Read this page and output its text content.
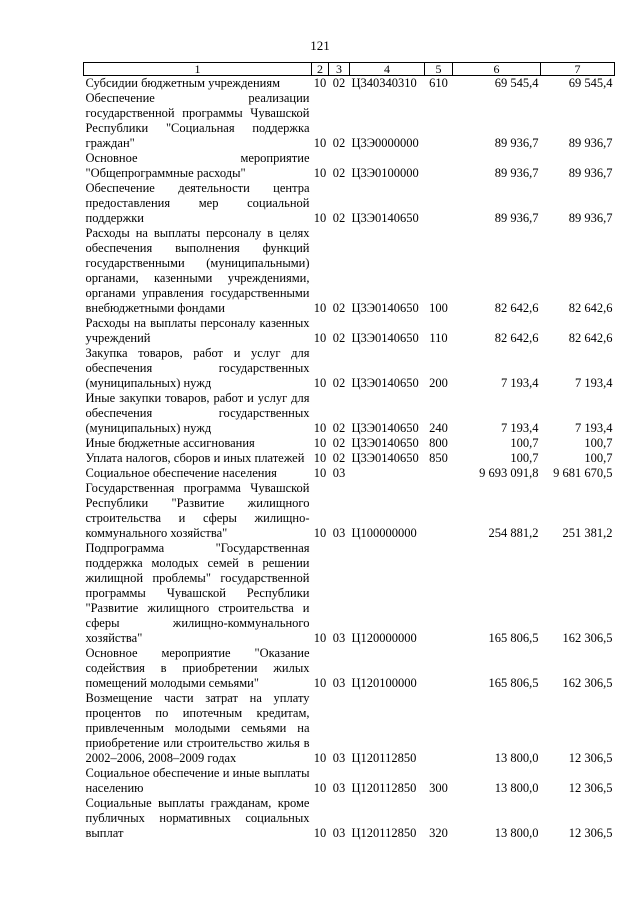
121
1	2	3	4	5	6	7
Субсидии бюджетным учреждениям	10	02	Ц340340310	610	69 545,4	69 545,4
Обеспечение реализации государственной программы Чувашской Республики "Социальная поддержка граждан"	10	02	Ц3Э0000000		89 936,7	89 936,7
Основное мероприятие "Общепрограммные расходы"	10	02	Ц3Э0100000		89 936,7	89 936,7
Обеспечение деятельности центра предоставления мер социальной поддержки	10	02	Ц3Э0140650		89 936,7	89 936,7
Расходы на выплаты персоналу в целях обеспечения выполнения функций государственными (муниципальными) органами, казенными учреждениями, органами управления государственными внебюджетными фондами	10	02	Ц3Э0140650	100	82 642,6	82 642,6
Расходы на выплаты персоналу казенных учреждений	10	02	Ц3Э0140650	110	82 642,6	82 642,6
Закупка товаров, работ и услуг для обеспечения государственных (муниципальных) нужд	10	02	Ц3Э0140650	200	7 193,4	7 193,4
Иные закупки товаров, работ и услуг для обеспечения государственных (муниципальных) нужд	10	02	Ц3Э0140650	240	7 193,4	7 193,4
Иные бюджетные ассигнования	10	02	Ц3Э0140650	800	100,7	100,7
Уплата налогов, сборов и иных платежей	10	02	Ц3Э0140650	850	100,7	100,7
Социальное обеспечение населения	10	03			9 693 091,8	9 681 670,5
Государственная программа Чувашской Республики "Развитие жилищного строительства и сферы жилищно-коммунального хозяйства"	10	03	Ц100000000		254 881,2	251 381,2
Подпрограмма "Государственная поддержка молодых семей в решении жилищной проблемы" государственной программы Чувашской Республики "Развитие жилищного строительства и сферы жилищно-коммунального хозяйства"	10	03	Ц120000000		165 806,5	162 306,5
Основное мероприятие "Оказание содействия в приобретении жилых помещений молодыми семьями"	10	03	Ц120100000		165 806,5	162 306,5
Возмещение части затрат на уплату процентов по ипотечным кредитам, привлеченным молодыми семьями на приобретение или строительство жилья в 2002–2006, 2008–2009 годах	10	03	Ц120112850		13 800,0	12 306,5
Социальное обеспечение и иные выплаты населению	10	03	Ц120112850	300	13 800,0	12 306,5
Социальные выплаты гражданам, кроме публичных нормативных социальных выплат	10	03	Ц120112850	320	13 800,0	12 306,5
